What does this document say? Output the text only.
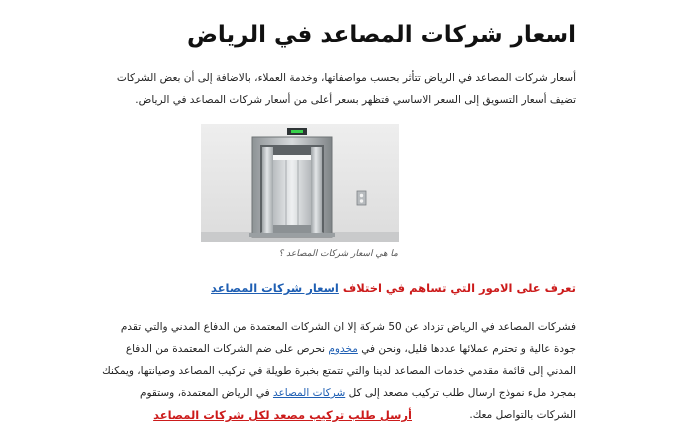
اسعار شركات المصاعد في الرياض

أسعار شركات المصاعد في الرياض تتأثر بحسب مواصفاتها، وخدمة العملاء، بالاضافة إلى أن بعض الشركات تضيف أسعار التسويق إلى السعر الاساسي فتظهر بسعر أعلى من أسعار شركات المصاعد في الرياض.

ما هي اسعار شركات المصاعد ؟

تعرف على الامور التي تساهم في اختلاف اسعار شركات المصاعد

فشركات المصاعد في الرياض تزداد عن 50 شركة إلا ان الشركات المعتمدة من الدفاع المدني والتي تقدم جودة عالية و تحترم عملائها عددها قليل، ونحن في مخدوم نحرص على ضم الشركات المعتمدة من الدفاع المدني إلى قائمة مقدمي خدمات المصاعد لدينا والتي تتمتع بخبرة طويلة في تركيب المصاعد وصيانتها، ويمكنك بمجرد ملء نموذج ارسال طلب تركيب مصعد إلى كل شركات المصاعد في الرياض المعتمدة، وستقوم الشركات بالتواصل معك.

أرسل طلب تركيب مصعد لكل شركات المصاعد
